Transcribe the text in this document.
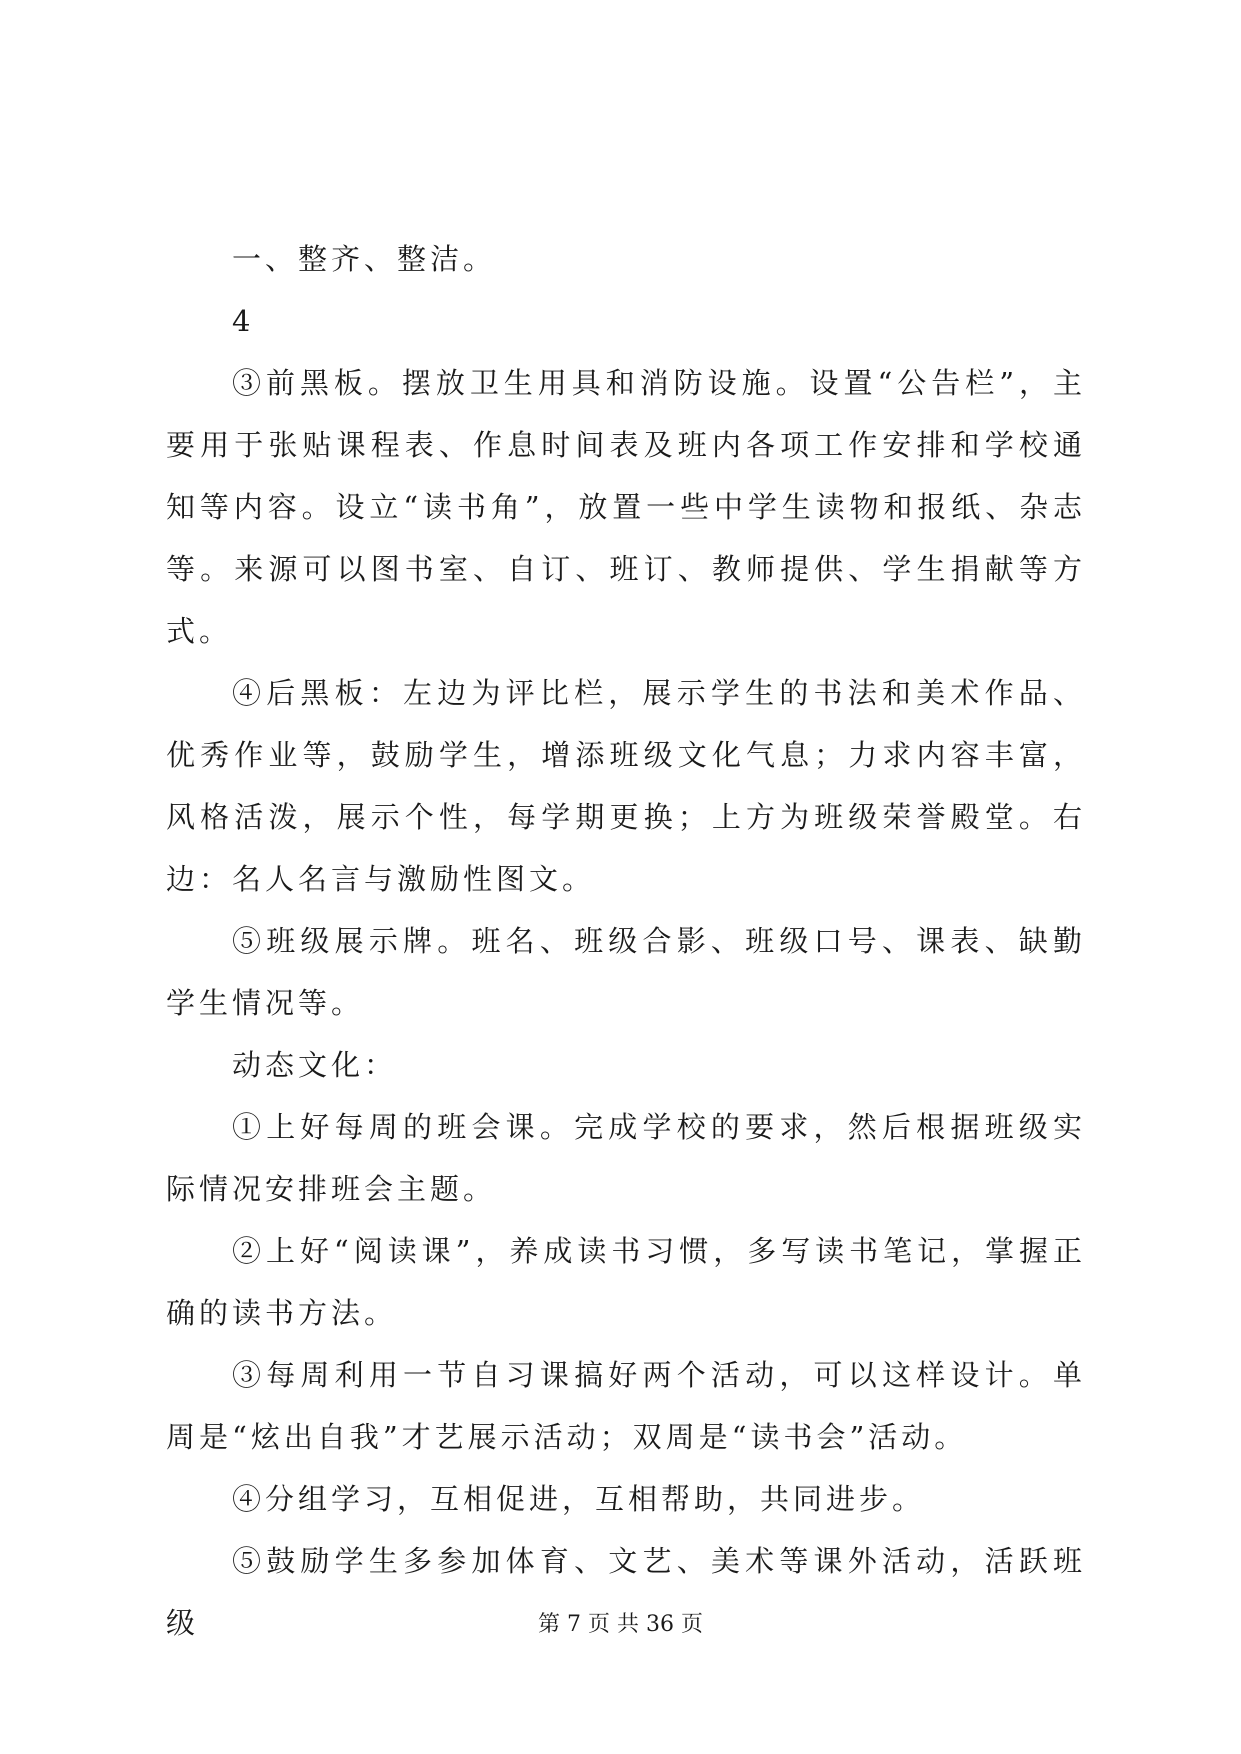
一、整齐、整洁。

4

③前黑板。摆放卫生用具和消防设施。设置“公告栏”，主要用于张贴课程表、作息时间表及班内各项工作安排和学校通知等内容。设立“读书角”，放置一些中学生读物和报纸、杂志等。来源可以图书室、自订、班订、教师提供、学生捐献等方式。

④后黑板：左边为评比栏，展示学生的书法和美术作品、优秀作业等，鼓励学生，增添班级文化气息；力求内容丰富，风格活泼，展示个性，每学期更换；上方为班级荣誉殿堂。右边：名人名言与激励性图文。

⑤班级展示牌。班名、班级合影、班级口号、课表、缺勤学生情况等。

动态文化：

①上好每周的班会课。完成学校的要求，然后根据班级实际情况安排班会主题。

②上好“阅读课”，养成读书习惯，多写读书笔记，掌握正确的读书方法。

③每周利用一节自习课搞好两个活动，可以这样设计。单周是“炫出自我”才艺展示活动；双周是“读书会”活动。

④分组学习，互相促进，互相帮助，共同进步。

⑤鼓励学生多参加体育、文艺、美术等课外活动，活跃班级	第 7 页 共 36 页
